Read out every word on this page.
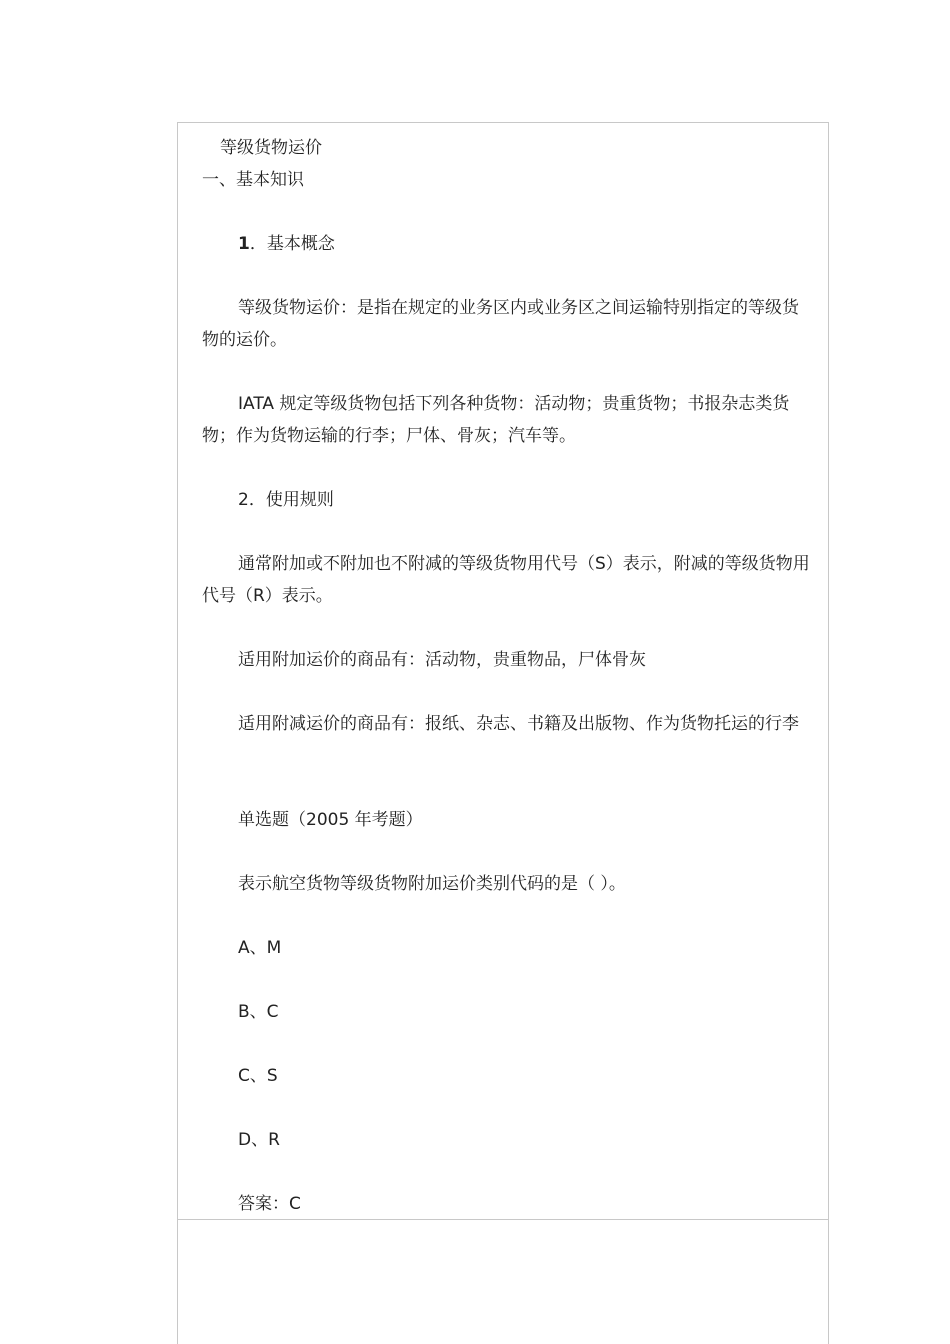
等级货物运价
一、基本知识
1．基本概念
等级货物运价：是指在规定的业务区内或业务区之间运输特别指定的等级货物的运价。
IATA 规定等级货物包括下列各种货物：活动物；贵重货物；书报杂志类货物；作为货物运输的行李；尸体、骨灰；汽车等。
2．使用规则
通常附加或不附加也不附减的等级货物用代号（S）表示，附减的等级货物用代号（R）表示。
适用附加运价的商品有：活动物，贵重物品，尸体骨灰
适用附减运价的商品有：报纸、杂志、书籍及出版物、作为货物托运的行李
单选题（2005 年考题）
表示航空货物等级货物附加运价类别代码的是（ ）。
A、M
B、C
C、S
D、R
答案：C
